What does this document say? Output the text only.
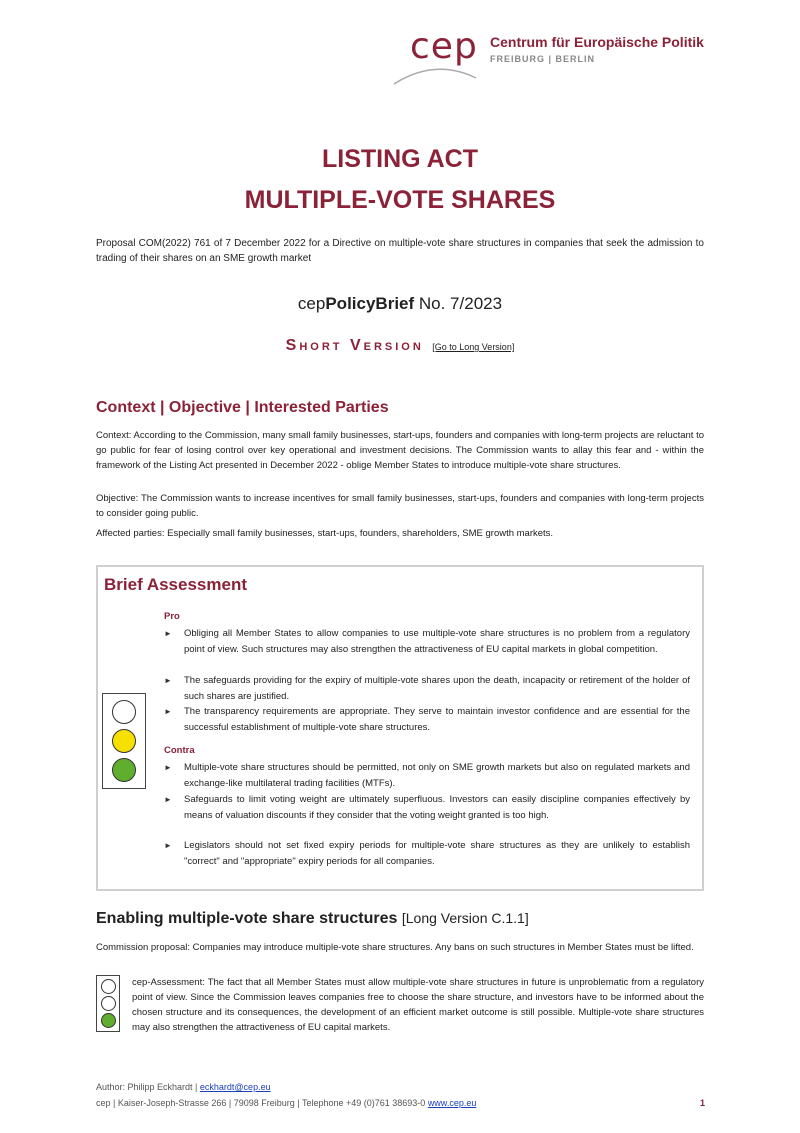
cep Centrum für Europäische Politik
FREIBURG | BERLIN
LISTING ACT
MULTIPLE-VOTE SHARES
Proposal COM(2022) 761 of 7 December 2022 for a Directive on multiple-vote share structures in companies that seek the admission to trading of their shares on an SME growth market
cepPolicyBrief No. 7/2023
Short Version [Go to Long Version]
Context | Objective | Interested Parties
Context: According to the Commission, many small family businesses, start-ups, founders and companies with long-term projects are reluctant to go public for fear of losing control over key operational and investment decisions. The Commission wants to allay this fear and - within the framework of the Listing Act presented in December 2022 - oblige Member States to introduce multiple-vote share structures.
Objective: The Commission wants to increase incentives for small family businesses, start-ups, founders and companies with long-term projects to consider going public.
Affected parties: Especially small family businesses, start-ups, founders, shareholders, SME growth markets.
Brief Assessment
Pro
► Obliging all Member States to allow companies to use multiple-vote share structures is no problem from a regulatory point of view. Such structures may also strengthen the attractiveness of EU capital markets in global competition.
► The safeguards providing for the expiry of multiple-vote shares upon the death, incapacity or retirement of the holder of such shares are justified.
► The transparency requirements are appropriate. They serve to maintain investor confidence and are essential for the successful establishment of multiple-vote share structures.
Contra
► Multiple-vote share structures should be permitted, not only on SME growth markets but also on regulated markets and exchange-like multilateral trading facilities (MTFs).
► Safeguards to limit voting weight are ultimately superfluous. Investors can easily discipline companies effectively by means of valuation discounts if they consider that the voting weight granted is too high.
► Legislators should not set fixed expiry periods for multiple-vote share structures as they are unlikely to establish "correct" and "appropriate" expiry periods for all companies.
Enabling multiple-vote share structures [Long Version C.1.1]
Commission proposal: Companies may introduce multiple-vote share structures. Any bans on such structures in Member States must be lifted.
cep-Assessment: The fact that all Member States must allow multiple-vote share structures in future is unproblematic from a regulatory point of view. Since the Commission leaves companies free to choose the share structure, and investors have to be informed about the chosen structure and its consequences, the development of an efficient market outcome is still possible. Multiple-vote share structures may also strengthen the attractiveness of EU capital markets.
Author: Philipp Eckhardt | eckhardt@cep.eu
cep | Kaiser-Joseph-Strasse 266 | 79098 Freiburg | Telephone +49 (0)761 38693-0 www.cep.eu	1
